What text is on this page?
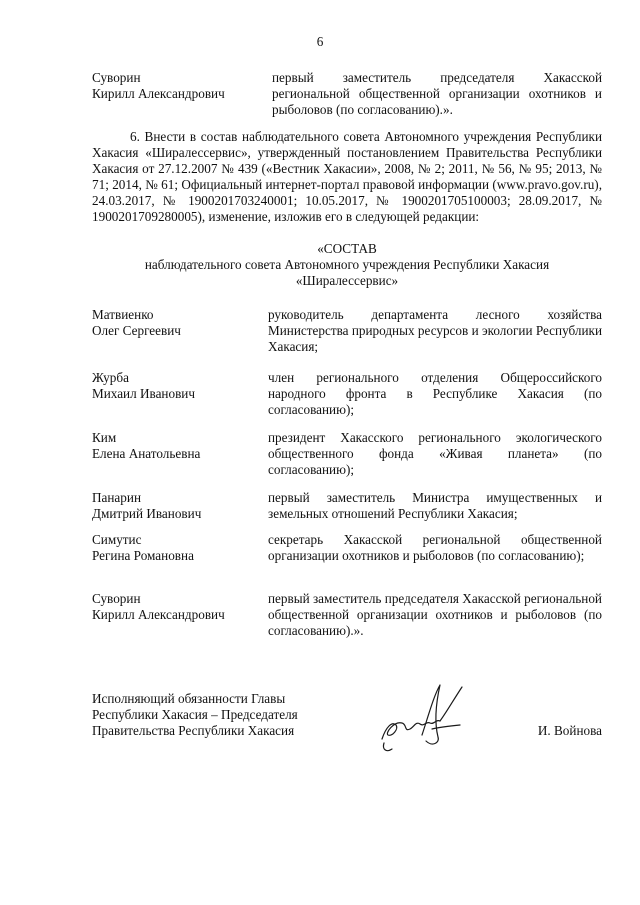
6
Суворин
Кирилл Александрович
первый заместитель председателя Хакасской региональной общественной организации охотников и рыболовов (по согласованию).».

6. Внести в состав наблюдательного совета Автономного учреждения Республики Хакасия «Ширалессервис», утвержденный постановлением Правительства Республики Хакасия от 27.12.2007 № 439 («Вестник Хакасии», 2008, № 2; 2011, № 56, № 95; 2013, № 71; 2014, № 61; Официальный интернет-портал правовой информации (www.pravo.gov.ru), 24.03.2017, № 1900201703240001; 10.05.2017, № 1900201705100003; 28.09.2017, № 1900201709280005), изменение, изложив его в следующей редакции:

«СОСТАВ
наблюдательного совета Автономного учреждения Республики Хакасия
«Ширалессервис»
Матвиенко
Олег Сергеевич
руководитель департамента лесного хозяйства Министерства природных ресурсов и экологии Республики Хакасия;
Журба
Михаил Иванович
член регионального отделения Общероссийского народного фронта в Республике Хакасия (по согласованию);
Ким
Елена Анатольевна
президент Хакасского регионального экологического общественного фонда «Живая планета» (по согласованию);
Панарин
Дмитрий Иванович
первый заместитель Министра имущественных и земельных отношений Республики Хакасия;
Симутис
Регина Романовна
секретарь Хакасской региональной общественной организации охотников и рыболовов (по согласованию);
Суворин
Кирилл Александрович
первый заместитель председателя Хакасской региональной общественной организации охотников и рыболовов (по согласованию).».
Исполняющий обязанности Главы
Республики Хакасия – Председателя
Правительства Республики Хакасия	И. Войнова
